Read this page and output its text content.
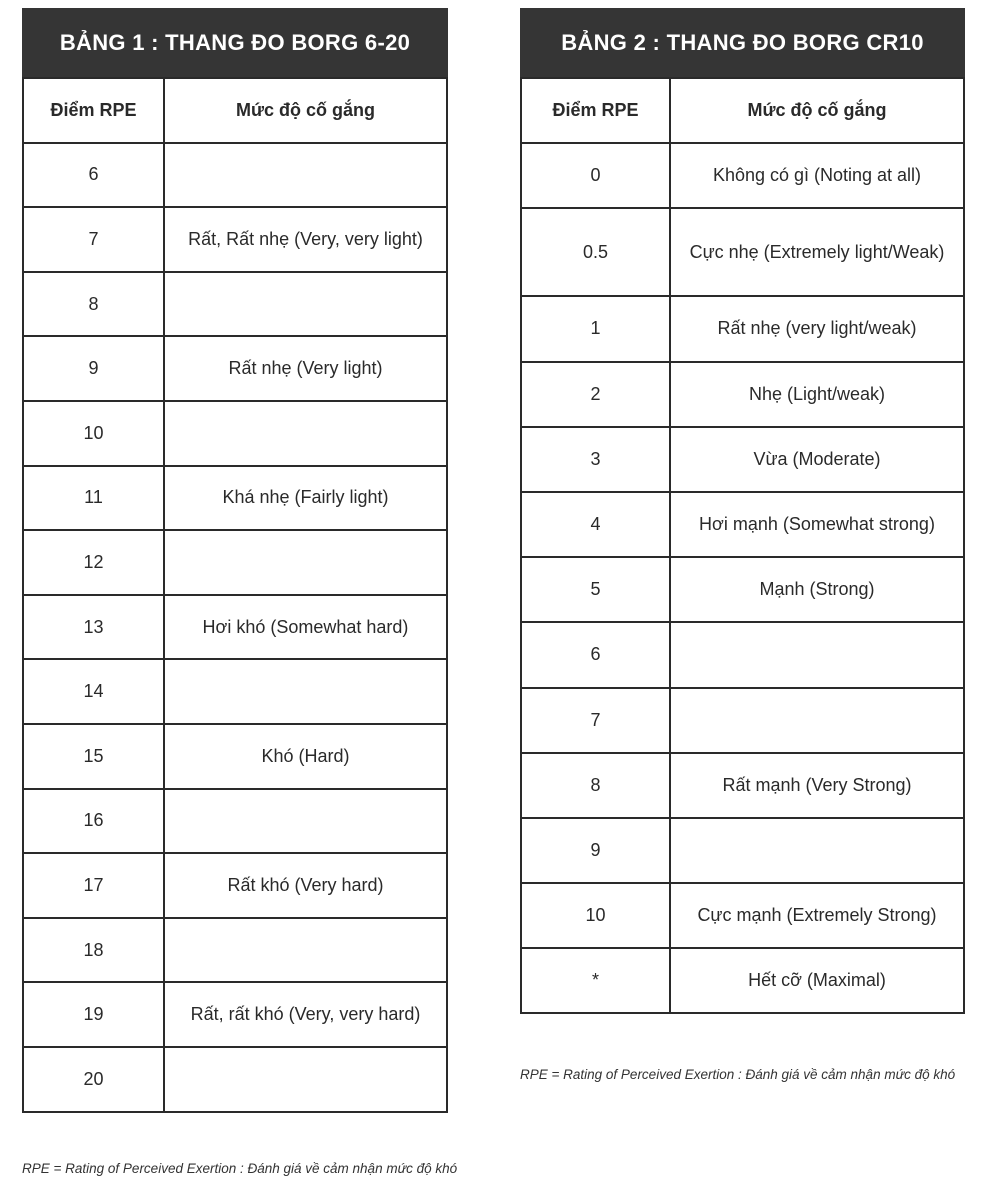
BẢNG 1 : THANG ĐO BORG 6-20
Điểm RPE	Mức độ cố gắng
6	
7	Rất, Rất nhẹ (Very, very light)
8	
9	Rất nhẹ (Very light)
10	
11	Khá nhẹ (Fairly light)
12	
13	Hơi khó (Somewhat hard)
14	
15	Khó (Hard)
16	
17	Rất khó (Very hard)
18	
19	Rất, rất khó (Very, very hard)
20	
BẢNG 2 : THANG ĐO BORG CR10
Điểm RPE	Mức độ cố gắng
0	Không có gì (Noting at all)
0.5	Cực nhẹ (Extremely light/Weak)
1	Rất nhẹ (very light/weak)
2	Nhẹ (Light/weak)
3	Vừa (Moderate)
4	Hơi mạnh (Somewhat strong)
5	Mạnh (Strong)
6	
7	
8	Rất mạnh (Very Strong)
9	
10	Cực mạnh (Extremely Strong)
*	Hết cỡ (Maximal)
RPE = Rating of Perceived Exertion : Đánh giá về cảm nhận mức độ khó
RPE = Rating of Perceived Exertion : Đánh giá về cảm nhận mức độ khó
